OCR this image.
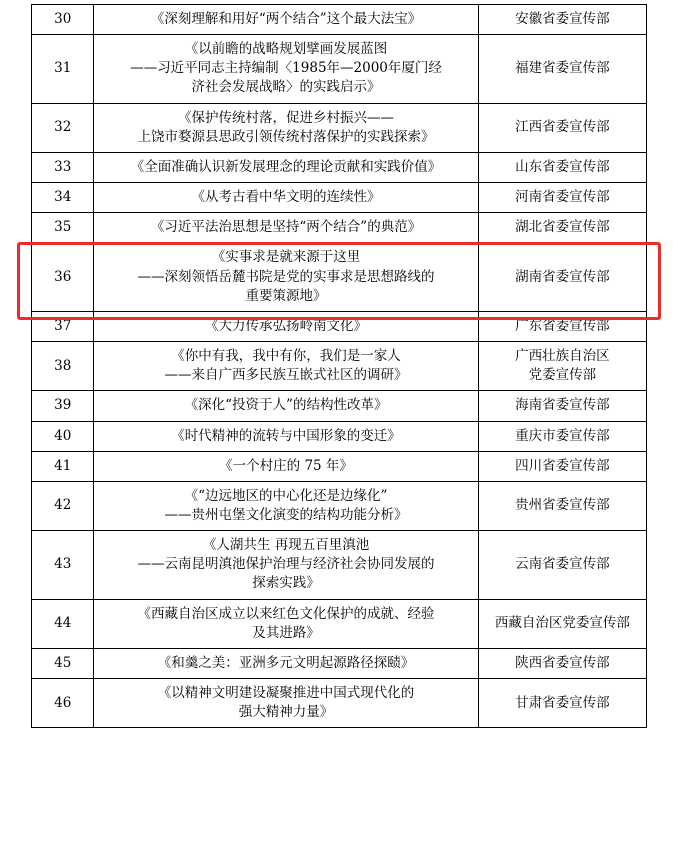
30	《深刻理解和用好“两个结合”这个最大法宝》	安徽省委宣传部

31	《以前瞻的战略规划擘画发展蓝图
——习近平同志主持编制〈1985年—2000年厦门经
济社会发展战略〉的实践启示》	福建省委宣传部

32	《保护传统村落，促进乡村振兴——
上饶市婺源县思政引领传统村落保护的实践探索》	江西省委宣传部

33	《全面准确认识新发展理念的理论贡献和实践价值》	山东省委宣传部

34	《从考古看中华文明的连续性》	河南省委宣传部

35	《习近平法治思想是坚持“两个结合”的典范》	湖北省委宣传部

36	《实事求是就来源于这里
——深刻领悟岳麓书院是党的实事求是思想路线的
重要策源地》	湖南省委宣传部

37	《大力传承弘扬岭南文化》	广东省委宣传部

38	《你中有我，我中有你，我们是一家人
——来自广西多民族互嵌式社区的调研》	广西壮族自治区
党委宣传部

39	《深化“投资于人”的结构性改革》	海南省委宣传部

40	《时代精神的流转与中国形象的变迁》	重庆市委宣传部

41	《一个村庄的 75 年》	四川省委宣传部

42	《“边远地区的中心化还是边缘化”
——贵州屯堡文化演变的结构功能分析》	贵州省委宣传部

43	《人湖共生 再现五百里滇池
——云南昆明滇池保护治理与经济社会协同发展的
探索实践》	云南省委宣传部

44	《西藏自治区成立以来红色文化保护的成就、经验
及其进路》	西藏自治区党委宣传部

45	《和羹之美：亚洲多元文明起源路径探赜》	陕西省委宣传部

46	《以精神文明建设凝聚推进中国式现代化的
强大精神力量》	甘肃省委宣传部
